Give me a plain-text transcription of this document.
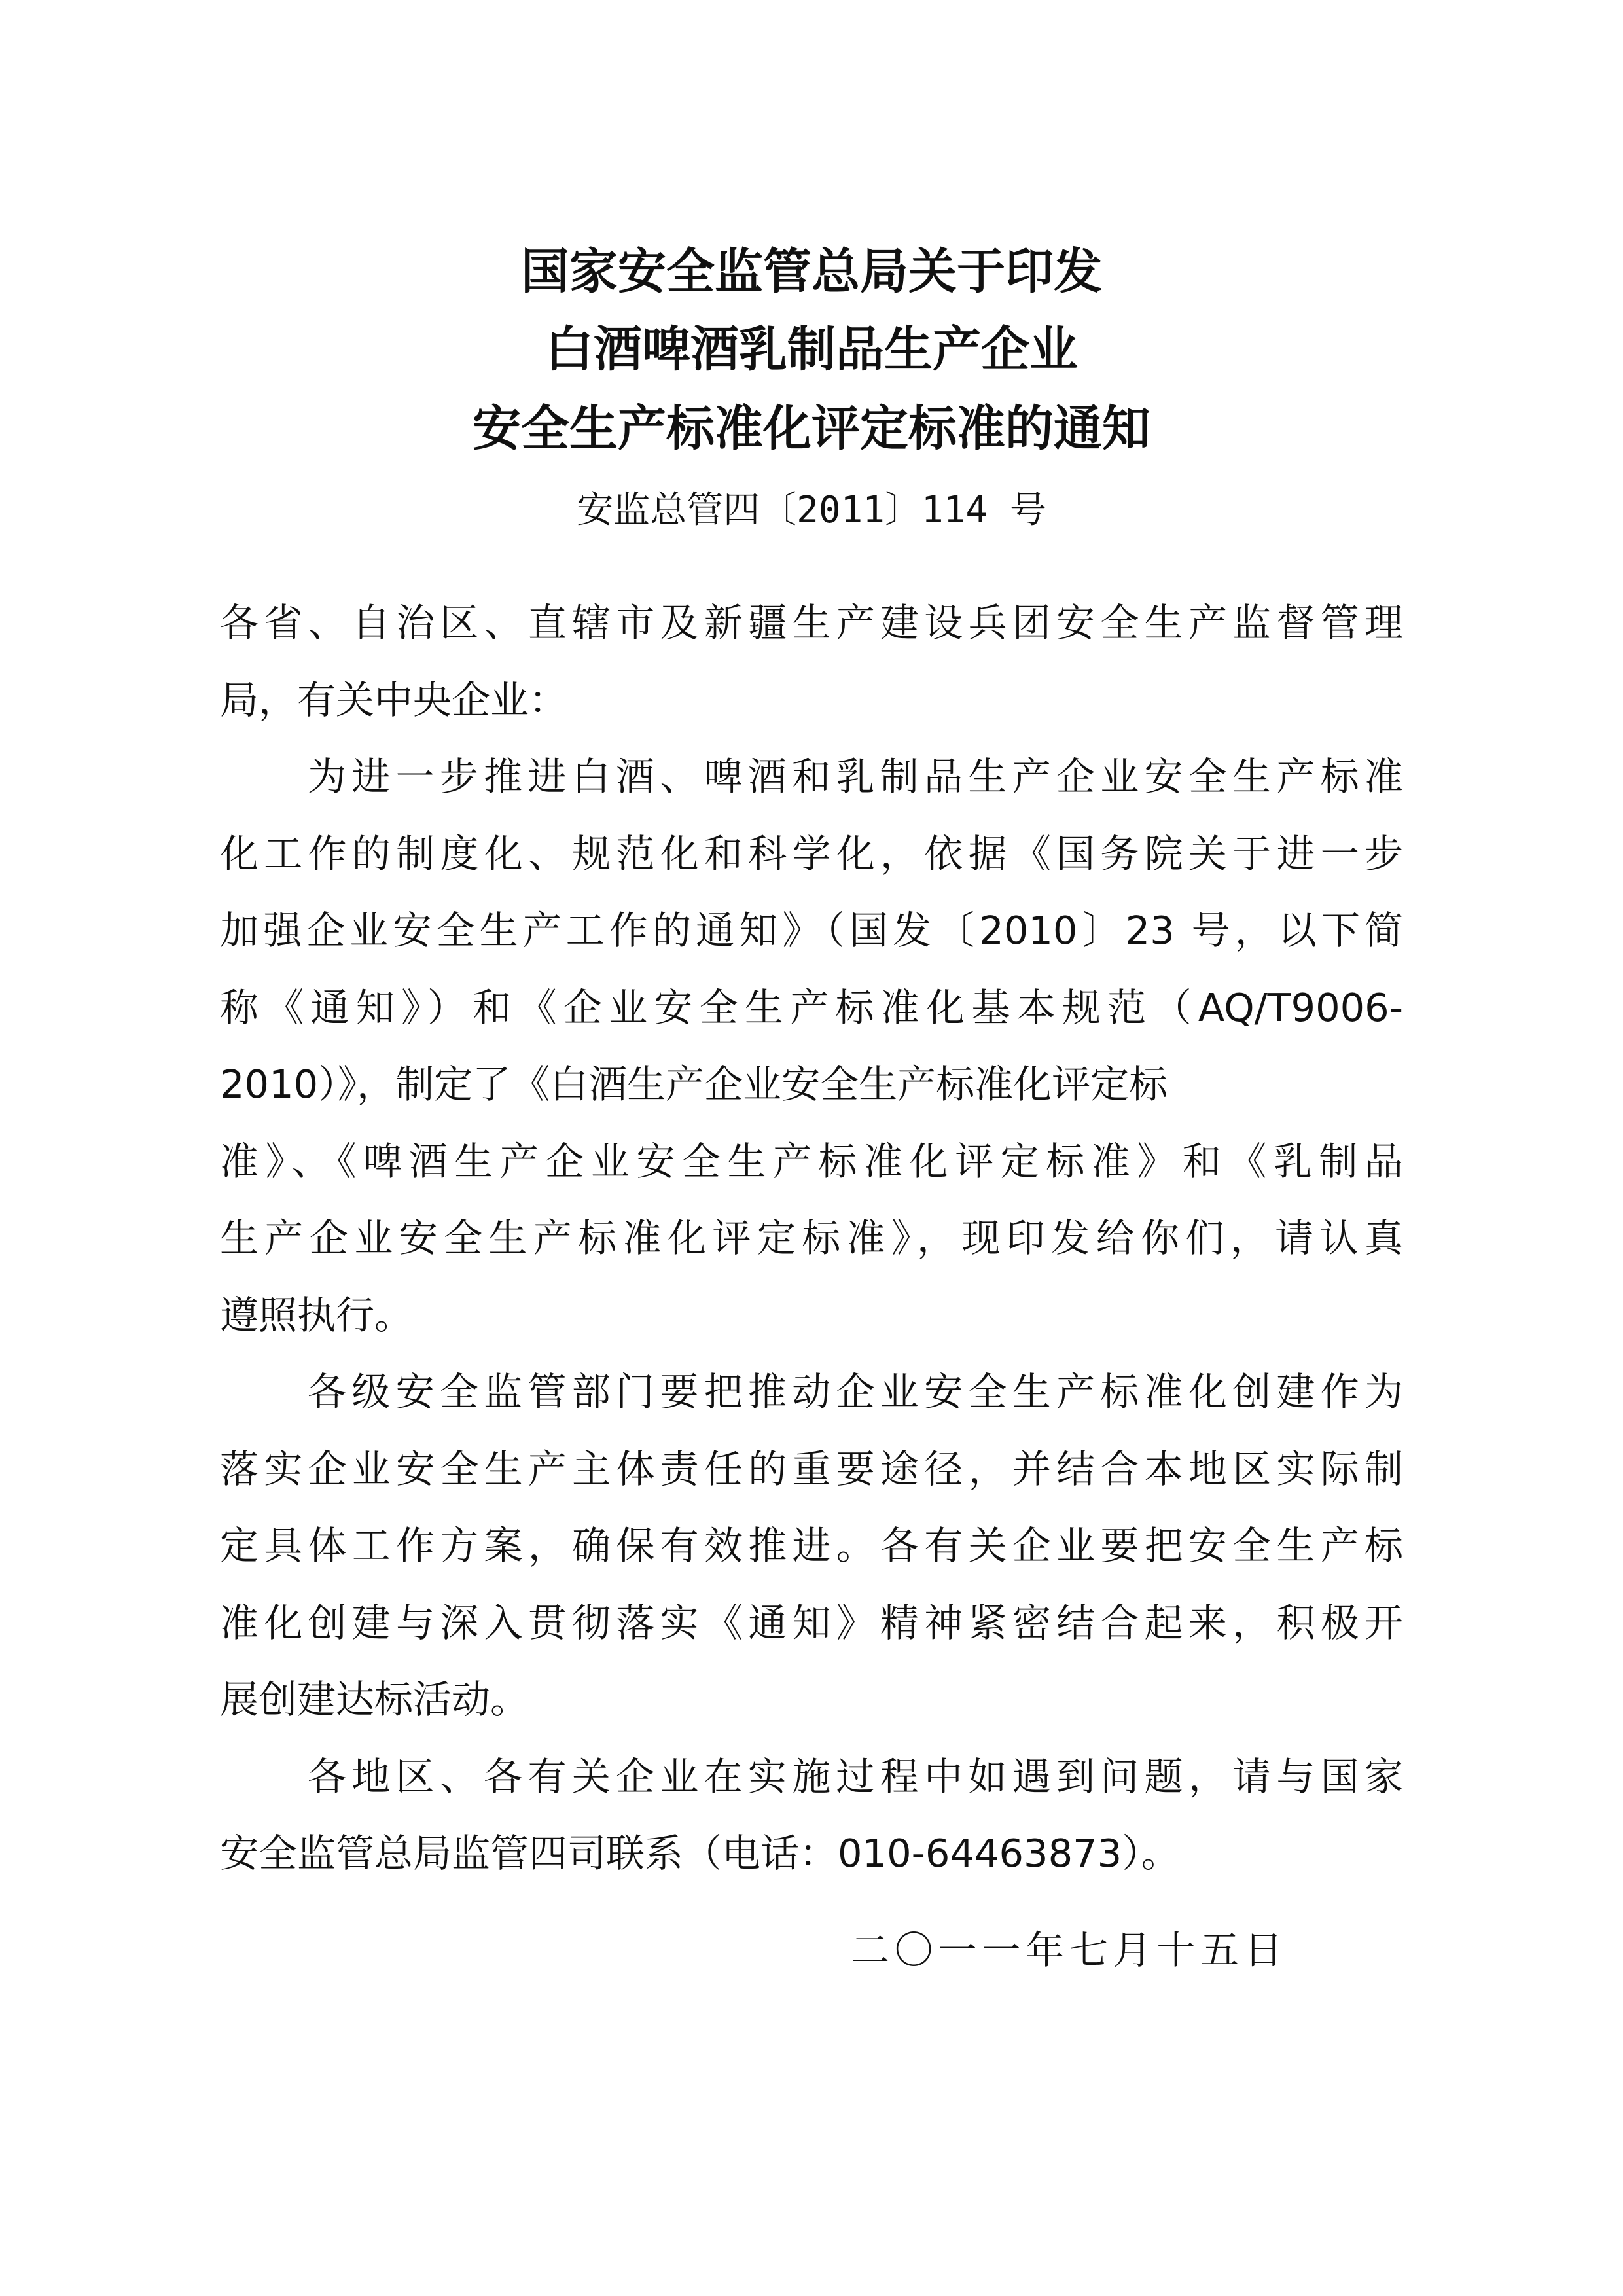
国家安全监管总局关于印发
白酒啤酒乳制品生产企业
安全生产标准化评定标准的通知
安监总管四〔2011〕114 号
各省、自治区、直辖市及新疆生产建设兵团安全生产监督管理
局，有关中央企业：
为进一步推进白酒、啤酒和乳制品生产企业安全生产标准
化工作的制度化、规范化和科学化，依据《国务院关于进一步
加强企业安全生产工作的通知》（国发〔2010〕23 号，以下简
称《通知》）和《企业安全生产标准化基本规范（AQ/T9006-
2010）》，制定了《白酒生产企业安全生产标准化评定标
准》、《啤酒生产企业安全生产标准化评定标准》和《乳制品
生产企业安全生产标准化评定标准》，现印发给你们，请认真
遵照执行。
各级安全监管部门要把推动企业安全生产标准化创建作为
落实企业安全生产主体责任的重要途径，并结合本地区实际制
定具体工作方案，确保有效推进。各有关企业要把安全生产标
准化创建与深入贯彻落实《通知》精神紧密结合起来，积极开
展创建达标活动。
各地区、各有关企业在实施过程中如遇到问题，请与国家
安全监管总局监管四司联系（电话：010-64463873）。
二〇一一年七月十五日
